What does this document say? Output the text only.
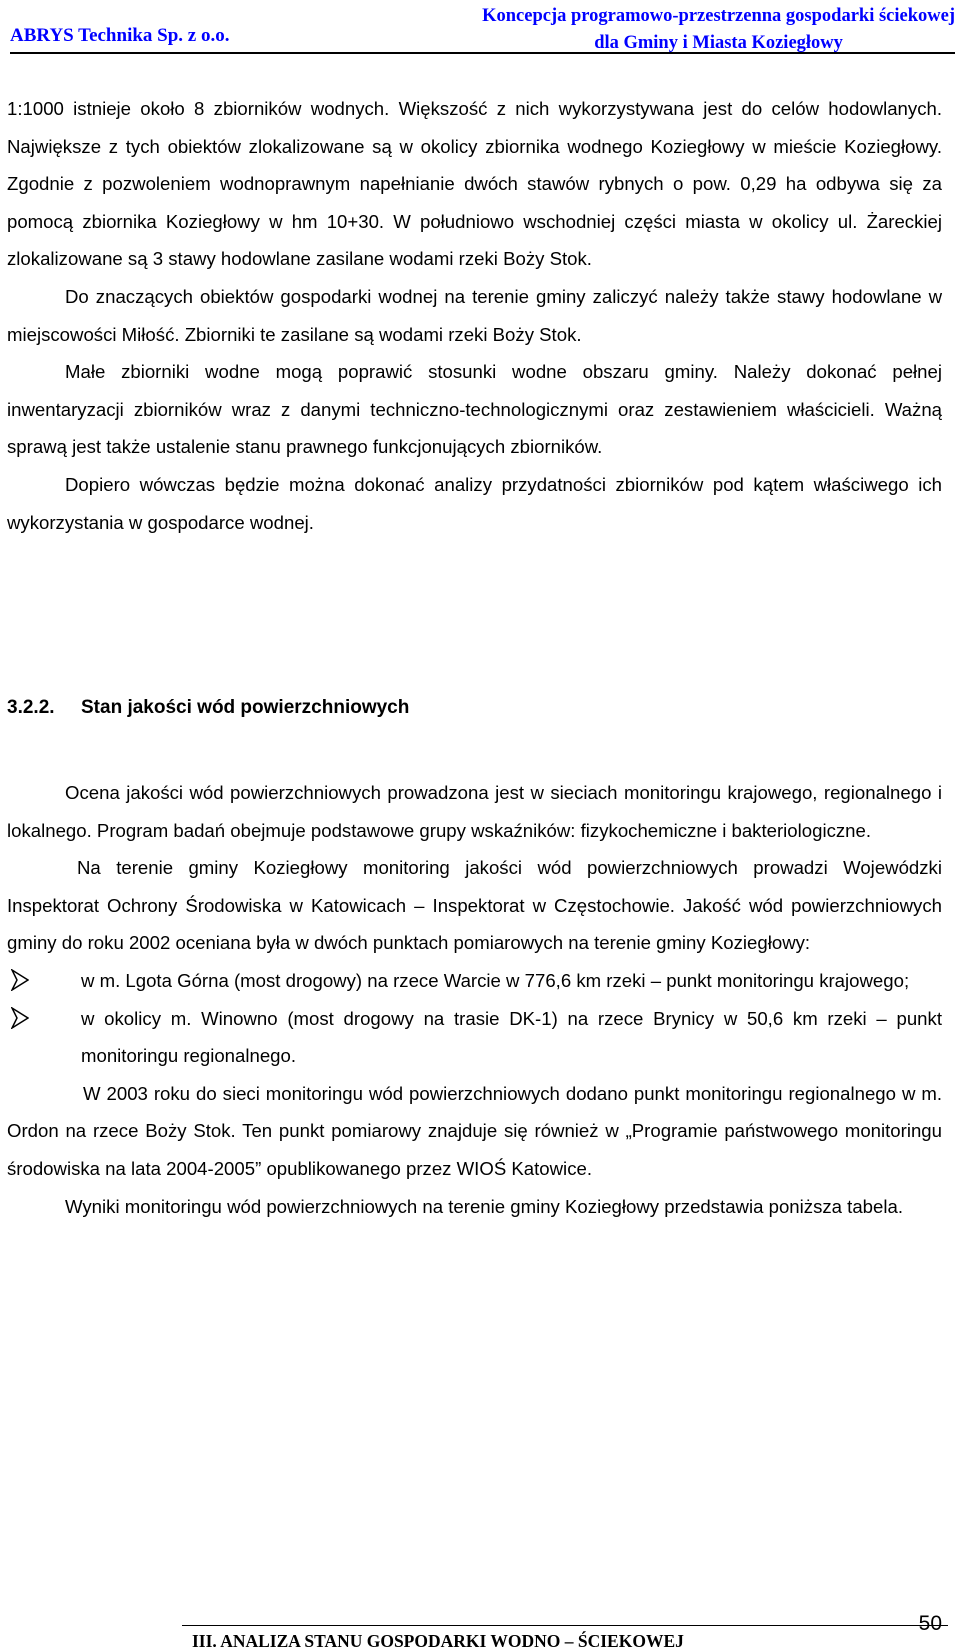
ABRYS Technika Sp. z o.o.
Koncepcja programowo-przestrzenna gospodarki ściekowej
dla Gminy i Miasta Koziegłowy

1:1000 istnieje około 8 zbiorników wodnych. Większość z nich wykorzystywana jest do celów hodowlanych. Największe z tych obiektów zlokalizowane są w okolicy zbiornika wodnego Koziegłowy w mieście Koziegłowy. Zgodnie z pozwoleniem wodnoprawnym napełnianie dwóch stawów rybnych o pow. 0,29 ha odbywa się za pomocą zbiornika Koziegłowy w hm 10+30. W południowo wschodniej części miasta w okolicy ul. Żareckiej zlokalizowane są 3 stawy hodowlane zasilane wodami rzeki Boży Stok.

Do znaczących obiektów gospodarki wodnej na terenie gminy zaliczyć należy także stawy hodowlane w miejscowości Miłość. Zbiorniki te zasilane są wodami rzeki Boży Stok.

Małe zbiorniki wodne mogą poprawić stosunki wodne obszaru gminy. Należy dokonać pełnej inwentaryzacji zbiorników wraz z danymi techniczno-technologicznymi oraz zestawieniem właścicieli. Ważną sprawą jest także ustalenie stanu prawnego funkcjonujących zbiorników.

Dopiero wówczas będzie można dokonać analizy przydatności zbiorników pod kątem właściwego ich wykorzystania w gospodarce wodnej.

3.2.2. Stan jakości wód powierzchniowych

Ocena jakości wód powierzchniowych prowadzona jest w sieciach monitoringu krajowego, regionalnego i lokalnego. Program badań obejmuje podstawowe grupy wskaźników: fizykochemiczne i bakteriologiczne.

Na terenie gminy Koziegłowy monitoring jakości wód powierzchniowych prowadzi Wojewódzki Inspektorat Ochrony Środowiska w Katowicach – Inspektorat w Częstochowie. Jakość wód powierzchniowych gminy do roku 2002 oceniana była w dwóch punktach pomiarowych na terenie gminy Koziegłowy:

w m. Lgota Górna (most drogowy) na rzece Warcie w 776,6 km rzeki – punkt monitoringu krajowego;

w okolicy m. Winowno (most drogowy na trasie DK-1) na rzece Brynicy w 50,6 km rzeki – punkt monitoringu regionalnego.

W 2003 roku do sieci monitoringu wód powierzchniowych dodano punkt monitoringu regionalnego w m. Ordon na rzece Boży Stok. Ten punkt pomiarowy znajduje się również w „Programie państwowego monitoringu środowiska na lata 2004-2005” opublikowanego przez WIOŚ Katowice.

Wyniki monitoringu wód powierzchniowych na terenie gminy Koziegłowy przedstawia poniższa tabela.

III. ANALIZA STANU GOSPODARKI WODNO – ŚCIEKOWEJ
50
